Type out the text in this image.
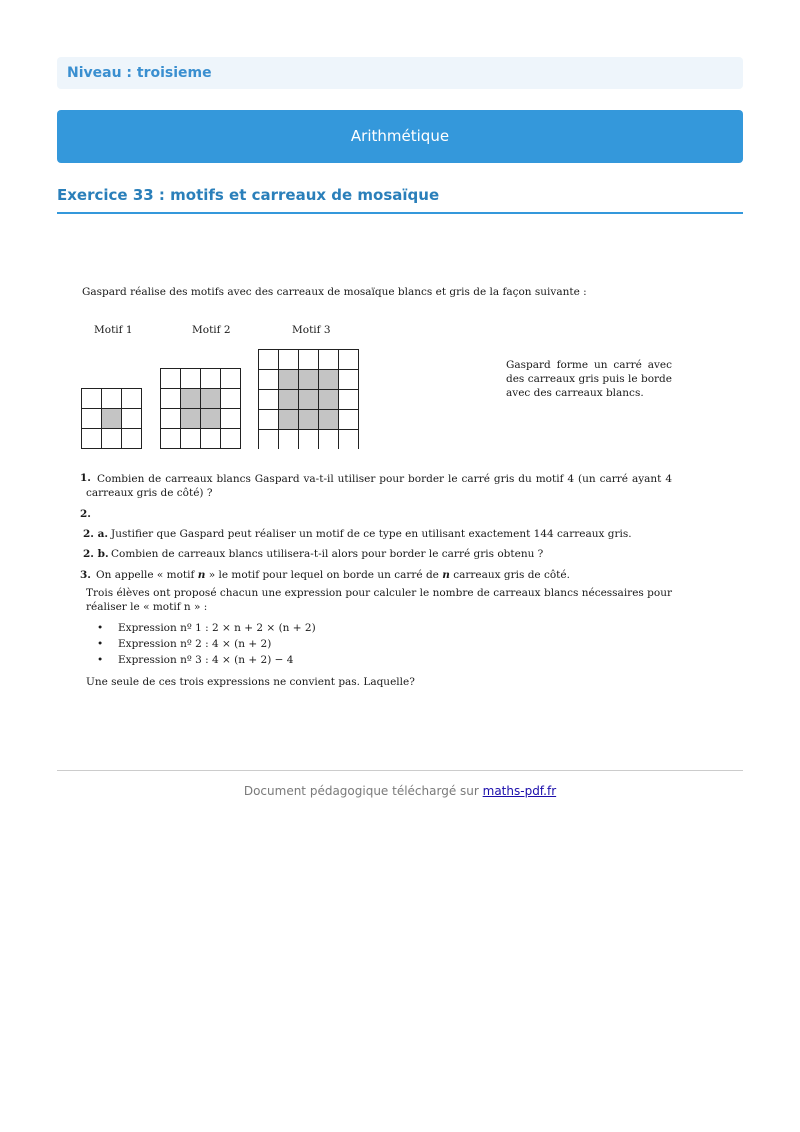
Niveau : troisieme
Arithmétique
Exercice 33 : motifs et carreaux de mosaïque
Gaspard réalise des motifs avec des carreaux de mosaïque blancs et gris de la façon suivante :
Motif 1	Motif 2	Motif 3
Gaspard forme un carré avec des carreaux gris puis le borde avec des carreaux blancs.
1. Combien de carreaux blancs Gaspard va-t-il utiliser pour border le carré gris du motif 4 (un carré ayant 4 carreaux gris de côté) ?
2.
2. a. Justifier que Gaspard peut réaliser un motif de ce type en utilisant exactement 144 carreaux gris.
2. b. Combien de carreaux blancs utilisera-t-il alors pour border le carré gris obtenu ?
3. On appelle « motif n » le motif pour lequel on borde un carré de n carreaux gris de côté.
Trois élèves ont proposé chacun une expression pour calculer le nombre de carreaux blancs nécessaires pour réaliser le « motif n » :
• Expression nº 1 : 2 × n + 2 × (n + 2)
• Expression nº 2 : 4 × (n + 2)
• Expression nº 3 : 4 × (n + 2) − 4
Une seule de ces trois expressions ne convient pas. Laquelle?
Document pédagogique téléchargé sur maths-pdf.fr
